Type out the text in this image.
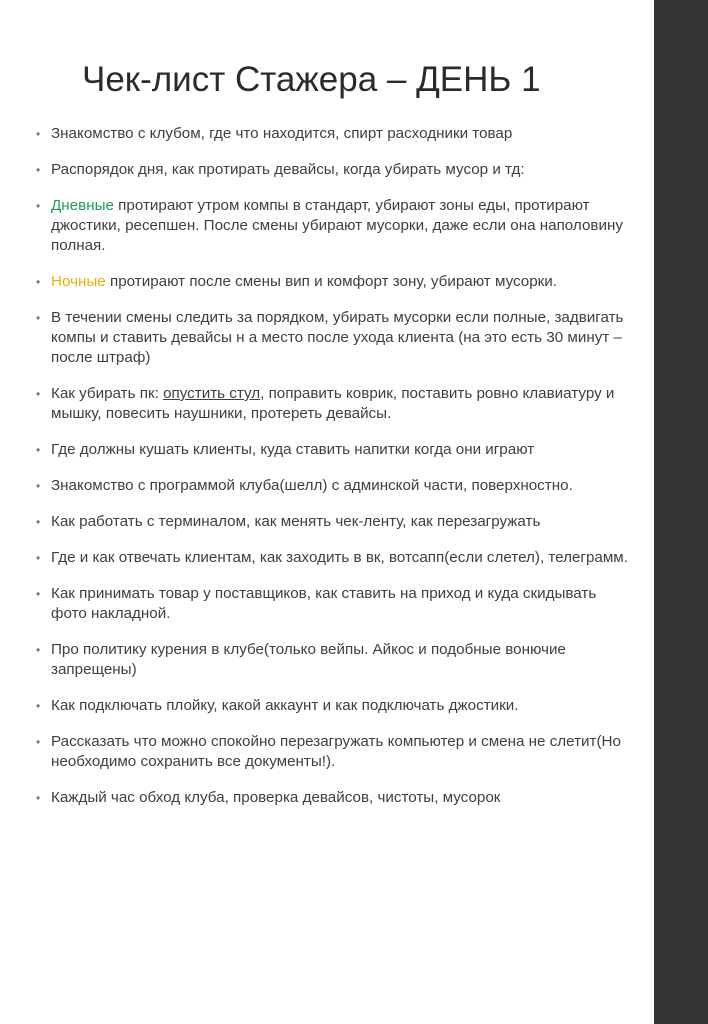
Чек-лист Стажера – ДЕНЬ 1
• Знакомство с клубом, где что находится, спирт расходники товар
• Распорядок дня, как протирать девайсы, когда убирать мусор и тд:
• Дневные протирают утром компы в стандарт, убирают зоны еды, протирают джостики, ресепшен. После смены убирают мусорки, даже если она наполовину полная.
• Ночные протирают после смены вип и комфорт зону, убирают мусорки.
• В течении смены следить за порядком, убирать мусорки если полные, задвигать компы и ставить девайсы н а место после ухода клиента (на это есть 30 минут – после штраф)
• Как убирать пк: опустить стул, поправить коврик, поставить ровно клавиатуру и мышку, повесить наушники, протереть девайсы.
• Где должны кушать клиенты, куда ставить напитки когда они играют
• Знакомство с программой клуба(шелл) с админской части, поверхностно.
• Как работать с терминалом, как менять чек-ленту, как перезагружать
• Где и как отвечать клиентам, как заходить в вк, вотсапп(если слетел), телеграмм.
• Как принимать товар у поставщиков, как ставить на приход и куда скидывать фото накладной.
• Про политику курения в клубе(только вейпы. Айкос и подобные вонючие запрещены)
• Как подключать плойку, какой аккаунт и как подключать джостики.
• Рассказать что можно спокойно перезагружать компьютер и смена не слетит(Но необходимо сохранить все документы!).
• Каждый час обход клуба, проверка девайсов, чистоты, мусорок
